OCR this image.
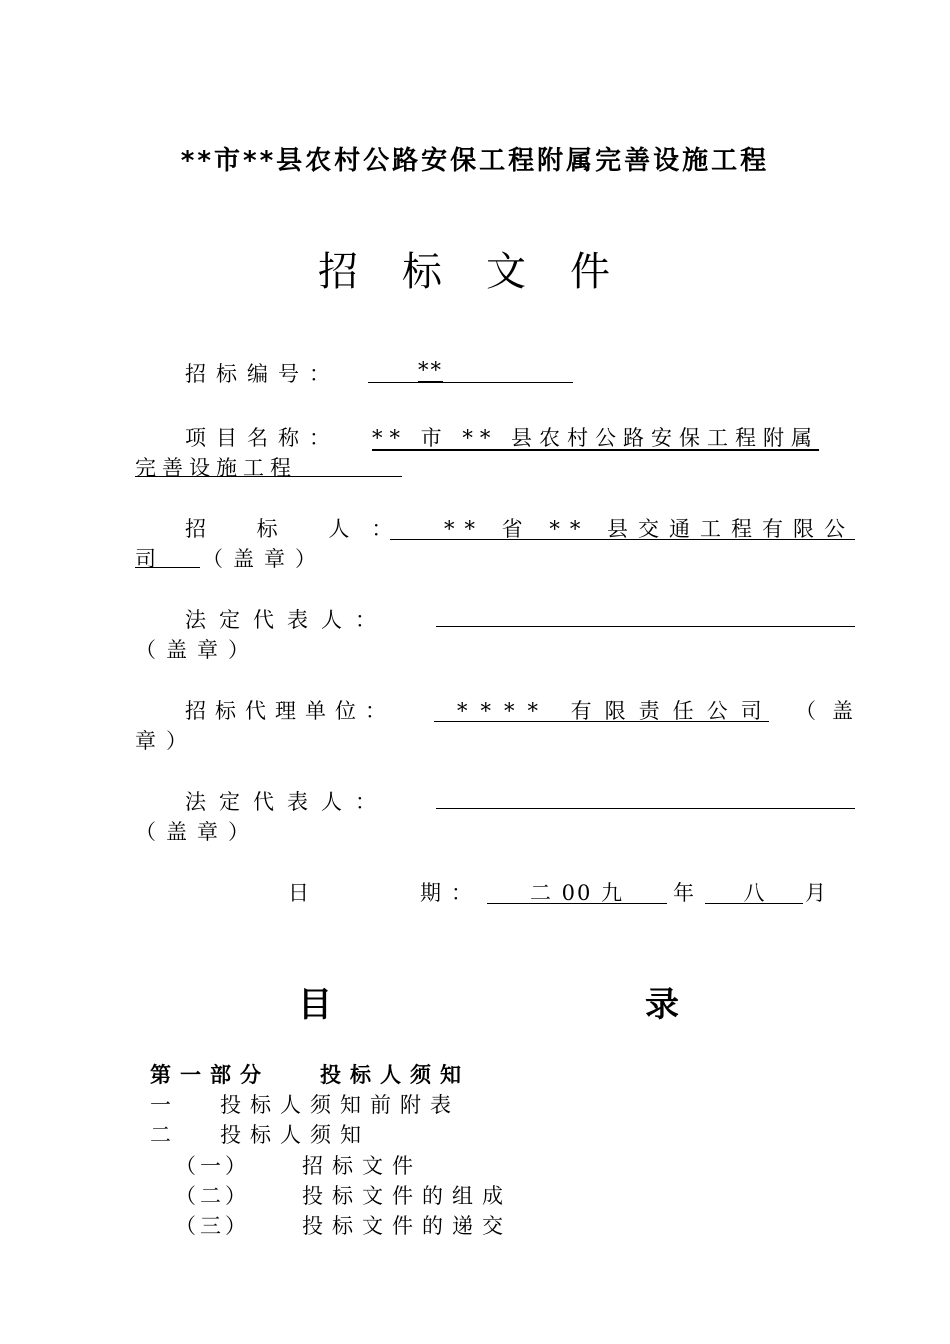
**市**县农村公路安保工程附属完善设施工程
招标文件
招标编号：	**
项目名称： ** 市 ** 县农村公路安保工程附属
完善设施工程
招 标 人：	** 省 ** 县交通工程有限公
司	（盖章）
法定代表人：
（盖章）
招标代理单位：	**** 有限责任公司 （盖
章）
法定代表人：
（盖章）
日	期：	二 00 九	年	八	月
目	录
第一部分 投标人须知
一 投标人须知前附表
二 投标人须知
（一） 招标文件
（二） 投标文件的组成
（三） 投标文件的递交
